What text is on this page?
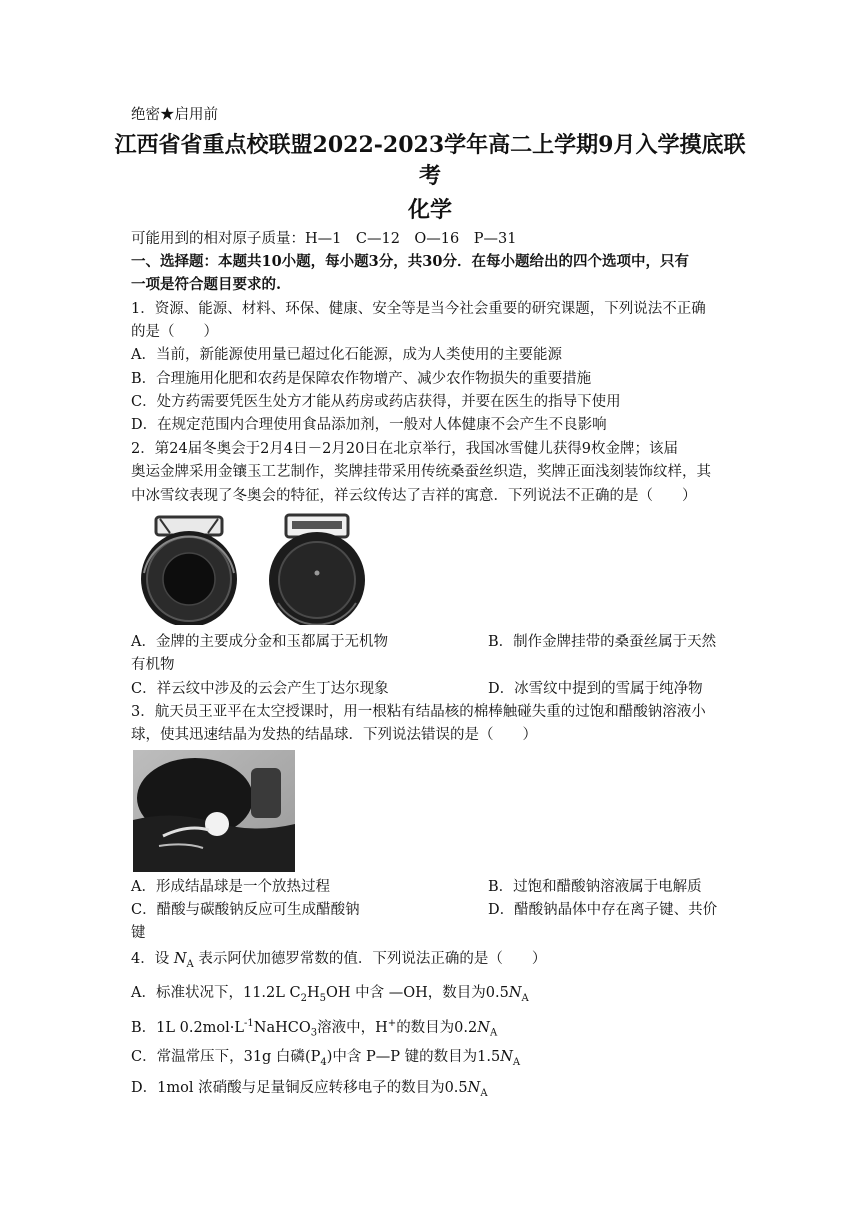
绝密★启用前
江西省省重点校联盟2022-2023学年高二上学期9月入学摸底联
考
化学
可能用到的相对原子质量：H—1　C—12　O—16　P—31
一、选择题：本题共10小题，每小题3分，共30分．在每小题给出的四个选项中，只有
一项是符合题目要求的.
1．资源、能源、材料、环保、健康、安全等是当今社会重要的研究课题，下列说法不正确
的是（　　）
A．当前，新能源使用量已超过化石能源，成为人类使用的主要能源
B．合理施用化肥和农药是保障农作物增产、减少农作物损失的重要措施
C．处方药需要凭医生处方才能从药房或药店获得，并要在医生的指导下使用
D．在规定范围内合理使用食品添加剂，一般对人体健康不会产生不良影响
2．第24届冬奥会于2月4日－2月20日在北京举行，我国冰雪健儿获得9枚金牌；该届
奥运金牌采用金镶玉工艺制作，奖牌挂带采用传统桑蚕丝织造，奖牌正面浅刻装饰纹样，其
中冰雪纹表现了冬奥会的特征，祥云纹传达了吉祥的寓意．下列说法不正确的是（　　）
A．金牌的主要成分金和玉都属于无机物	B．制作金牌挂带的桑蚕丝属于天然
有机物
C．祥云纹中涉及的云会产生丁达尔现象	D．冰雪纹中提到的雪属于纯净物
3．航天员王亚平在太空授课时，用一根粘有结晶核的棉棒触碰失重的过饱和醋酸钠溶液小
球，使其迅速结晶为发热的结晶球．下列说法错误的是（　　）
A．形成结晶球是一个放热过程	B．过饱和醋酸钠溶液属于电解质
C．醋酸与碳酸钠反应可生成醋酸钠	D．醋酸钠晶体中存在离子键、共价
键
4．设 $N_A$ 表示阿伏加德罗常数的值．下列说法正确的是（　　）
A．标准状况下，11.2L $C_2H_5OH$ 中含 —OH，数目为$0.5N_A$
B．1L $0.2mol\cdot L^{-1}NaHCO_3$溶液中，H+的数目为$0.2N_A$
C．常温常压下，31g 白磷$(P_4)$中含 P—P 键的数目为$1.5N_A$
D．1mol 浓硝酸与足量铜反应转移电子的数目为$0.5N_A$
